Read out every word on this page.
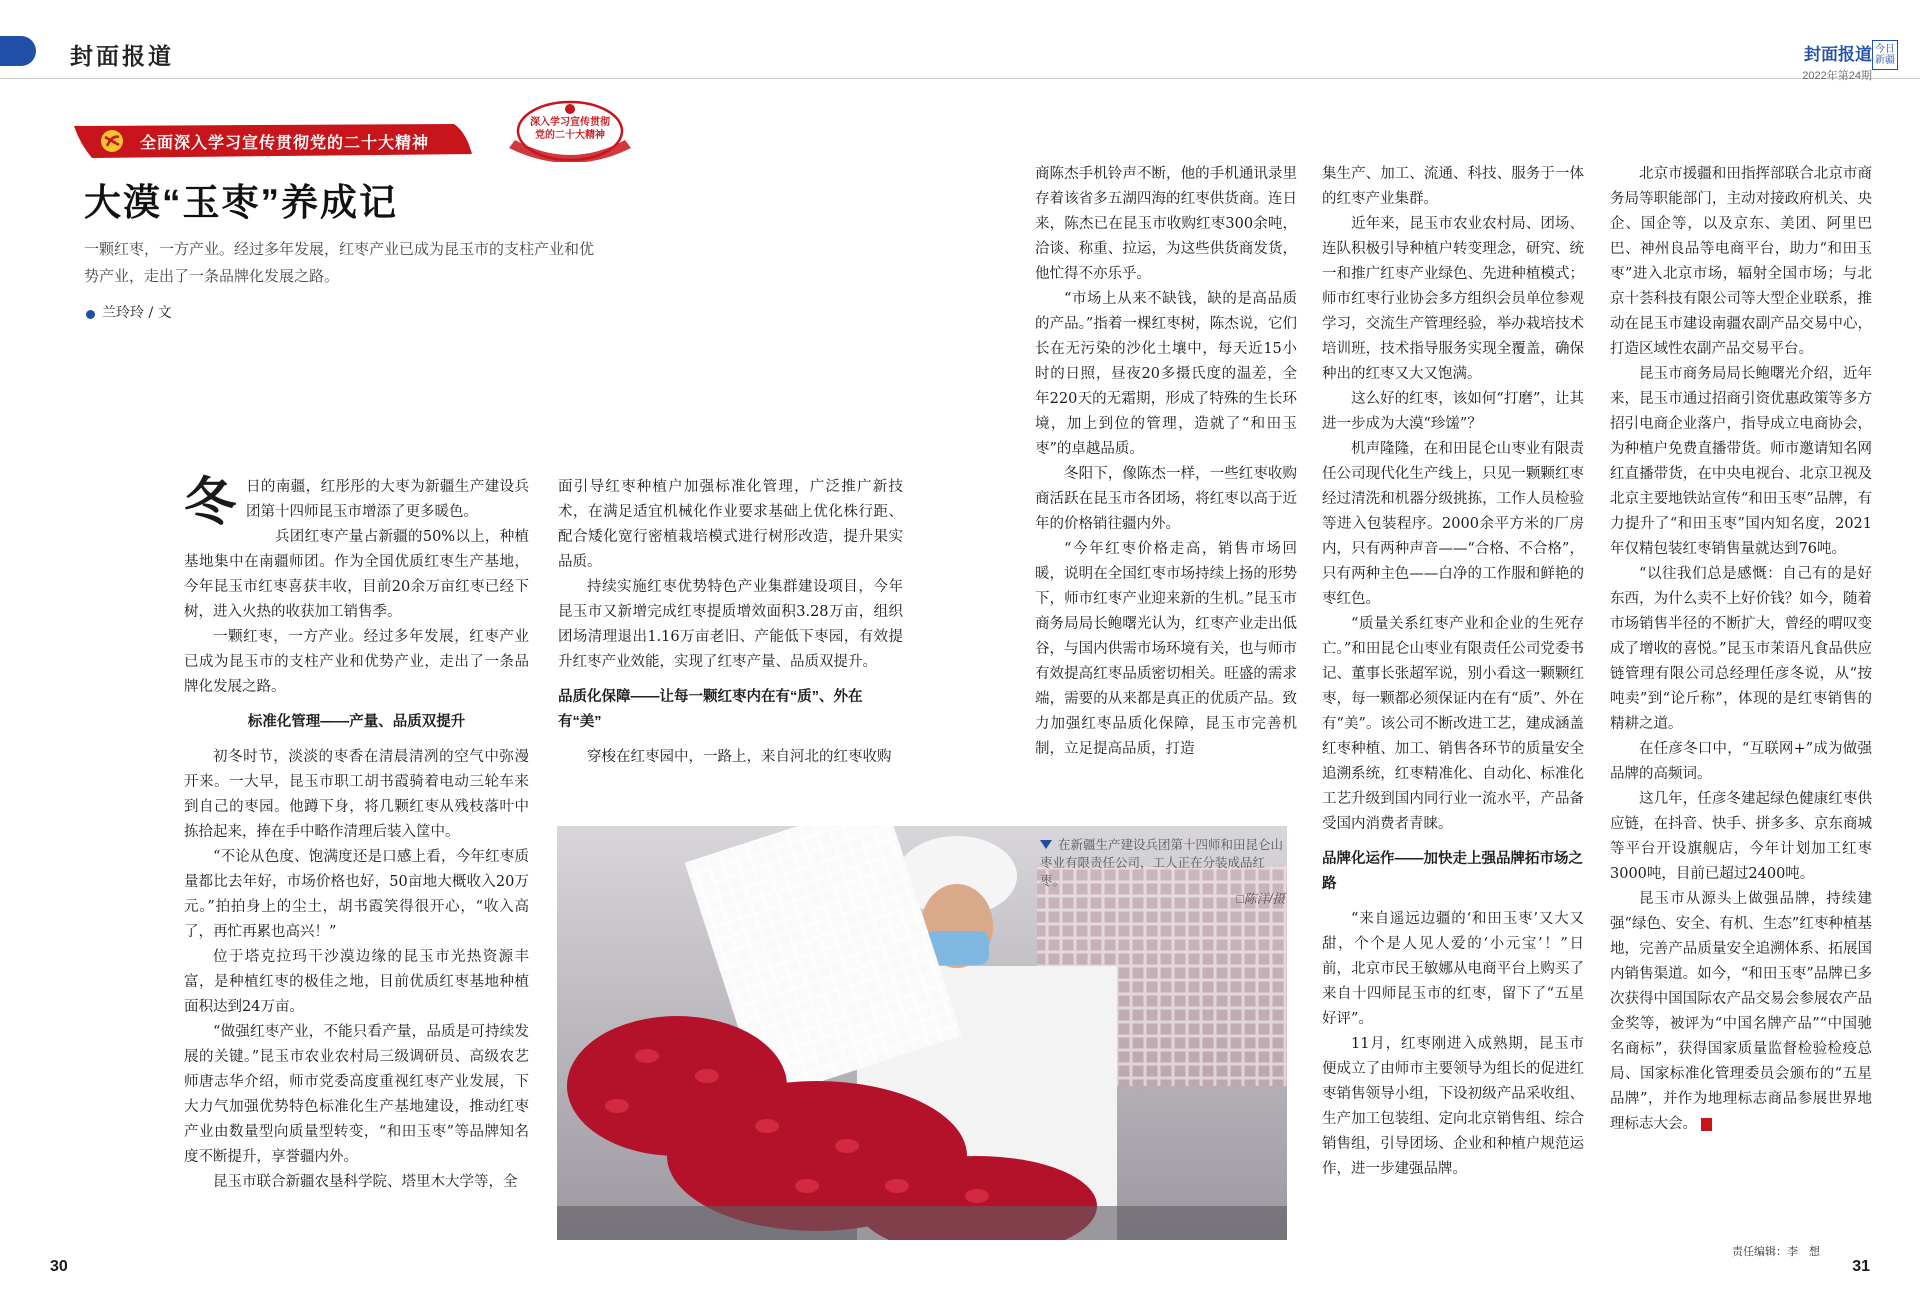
封面报道	封面报道
2022年第24期
今日新疆
全面深入学习宣传贯彻党的二十大精神
深入学习宣传贯彻
党的二十大精神
大漠“玉枣”养成记
一颗红枣，一方产业。经过多年发展，红枣产业已成为昆玉市的支柱产业和优势产业，走出了一条品牌化发展之路。
兰玲玲 / 文
冬 日的南疆，红彤彤的大枣为新疆生产建设兵团第十四师昆玉市增添了更多暖色。

兵团红枣产量占新疆的50%以上，种植基地集中在南疆师团。作为全国优质红枣生产基地，今年昆玉市红枣喜获丰收，目前20余万亩红枣已经下树，进入火热的收获加工销售季。

一颗红枣，一方产业。经过多年发展，红枣产业已成为昆玉市的支柱产业和优势产业，走出了一条品牌化发展之路。

标准化管理——产量、品质双提升

初冬时节，淡淡的枣香在清晨清冽的空气中弥漫开来。一大早，昆玉市职工胡书霞骑着电动三轮车来到自己的枣园。他蹲下身，将几颗红枣从残枝落叶中拣拾起来，捧在手中略作清理后装入筐中。

“不论从色度、饱满度还是口感上看，今年红枣质量都比去年好，市场价格也好，50亩地大概收入20万元。”拍拍身上的尘土，胡书霞笑得很开心，“收入高了，再忙再累也高兴！”

位于塔克拉玛干沙漠边缘的昆玉市光热资源丰富，是种植红枣的极佳之地，目前优质红枣基地种植面积达到24万亩。

“做强红枣产业，不能只看产量，品质是可持续发展的关键。”昆玉市农业农村局三级调研员、高级农艺师唐志华介绍，师市党委高度重视红枣产业发展，下大力气加强优势特色标准化生产基地建设，推动红枣产业由数量型向质量型转变，“和田玉枣”等品牌知名度不断提升，享誉疆内外。

昆玉市联合新疆农垦科学院、塔里木大学等，全

面引导红枣种植户加强标准化管理，广泛推广新技术，在满足适宜机械化作业要求基础上优化株行距、配合矮化宽行密植栽培模式进行树形改造，提升果实品质。

持续实施红枣优势特色产业集群建设项目，今年昆玉市又新增完成红枣提质增效面积3.28万亩，组织团场清理退出1.16万亩老旧、产能低下枣园，有效提升红枣产业效能，实现了红枣产量、品质双提升。

品质化保障——让每一颗红枣内在有“质”、外在有“美”

穿梭在红枣园中，一路上，来自河北的红枣收购

在新疆生产建设兵团第十四师和田昆仑山枣业有限责任公司，工人正在分装成品红枣。

□陈洋/摄

商陈杰手机铃声不断，他的手机通讯录里存着该省多五湖四海的红枣供货商。连日来，陈杰已在昆玉市收购红枣300余吨，洽谈、称重、拉运，为这些供货商发货，他忙得不亦乐乎。

“市场上从来不缺钱，缺的是高品质的产品。”指着一棵红枣树，陈杰说，它们长在无污染的沙化土壤中，每天近15小时的日照，昼夜20多摄氏度的温差，全年220天的无霜期，形成了特殊的生长环境，加上到位的管理，造就了“和田玉枣”的卓越品质。

冬阳下，像陈杰一样，一些红枣收购商活跃在昆玉市各团场，将红枣以高于近年的价格销往疆内外。

“今年红枣价格走高，销售市场回暖，说明在全国红枣市场持续上扬的形势下，师市红枣产业迎来新的生机。”昆玉市商务局局长鲍曙光认为，红枣产业走出低谷，与国内供需市场环境有关，也与师市有效提高红枣品质密切相关。旺盛的需求端，需要的从来都是真正的优质产品。致力加强红枣品质化保障，昆玉市完善机制，立足提高品质，打造

集生产、加工、流通、科技、服务于一体的红枣产业集群。

近年来，昆玉市农业农村局、团场、连队积极引导种植户转变理念，研究、统一和推广红枣产业绿色、先进种植模式；师市红枣行业协会多方组织会员单位参观学习，交流生产管理经验，举办栽培技术培训班，技术指导服务实现全覆盖，确保种出的红枣又大又饱满。

这么好的红枣，该如何“打磨”，让其进一步成为大漠“珍馐”？

机声隆隆，在和田昆仑山枣业有限责任公司现代化生产线上，只见一颗颗红枣经过清洗和机器分级挑拣，工作人员检验等进入包装程序。2000余平方米的厂房内，只有两种声音——“合格、不合格”，只有两种主色——白净的工作服和鲜艳的枣红色。

“质量关系红枣产业和企业的生死存亡。”和田昆仑山枣业有限责任公司党委书记、董事长张超军说，别小看这一颗颗红枣，每一颗都必须保证内在有“质”、外在有“美”。该公司不断改进工艺，建成涵盖红枣种植、加工、销售各环节的质量安全追溯系统，红枣精准化、自动化、标准化工艺升级到国内同行业一流水平，产品备受国内消费者青睐。

品牌化运作——加快走上强品牌拓市场之路

“来自遥远边疆的‘和田玉枣’又大又甜，个个是人见人爱的‘小元宝’！”日前，北京市民王敏娜从电商平台上购买了来自十四师昆玉市的红枣，留下了“五星好评”。

11月，红枣刚进入成熟期，昆玉市便成立了由师市主要领导为组长的促进红枣销售领导小组，下设初级产品采收组、生产加工包装组、定向北京销售组、综合销售组，引导团场、企业和种植户规范运作，进一步建强品牌。

北京市援疆和田指挥部联合北京市商务局等职能部门，主动对接政府机关、央企、国企等，以及京东、美团、阿里巴巴、神州良品等电商平台，助力“和田玉枣”进入北京市场，辐射全国市场；与北京十荟科技有限公司等大型企业联系，推动在昆玉市建设南疆农副产品交易中心，打造区域性农副产品交易平台。

昆玉市商务局局长鲍曙光介绍，近年来，昆玉市通过招商引资优惠政策等多方招引电商企业落户，指导成立电商协会，为种植户免费直播带货。师市邀请知名网红直播带货，在中央电视台、北京卫视及北京主要地铁站宣传“和田玉枣”品牌，有力提升了“和田玉枣”国内知名度，2021年仅精包装红枣销售量就达到76吨。

“以往我们总是感慨：自己有的是好东西，为什么卖不上好价钱？如今，随着市场销售半径的不断扩大，曾经的喟叹变成了增收的喜悦。”昆玉市茉语凡食品供应链管理有限公司总经理任彦冬说，从“按吨卖”到“论斤称”，体现的是红枣销售的精耕之道。

在任彦冬口中，“互联网+”成为做强品牌的高频词。

这几年，任彦冬建起绿色健康红枣供应链，在抖音、快手、拼多多、京东商城等平台开设旗舰店，今年计划加工红枣3000吨，目前已超过2400吨。

昆玉市从源头上做强品牌，持续建强“绿色、安全、有机、生态”红枣种植基地，完善产品质量安全追溯体系、拓展国内销售渠道。如今，“和田玉枣”品牌已多次获得中国国际农产品交易会参展农产品金奖等，被评为“中国名牌产品”“中国驰名商标”，获得国家质量监督检验检疫总局、国家标准化管理委员会颁布的“五星品牌”，并作为地理标志商品参展世界地理标志大会。

30
责任编辑：李　想
31
